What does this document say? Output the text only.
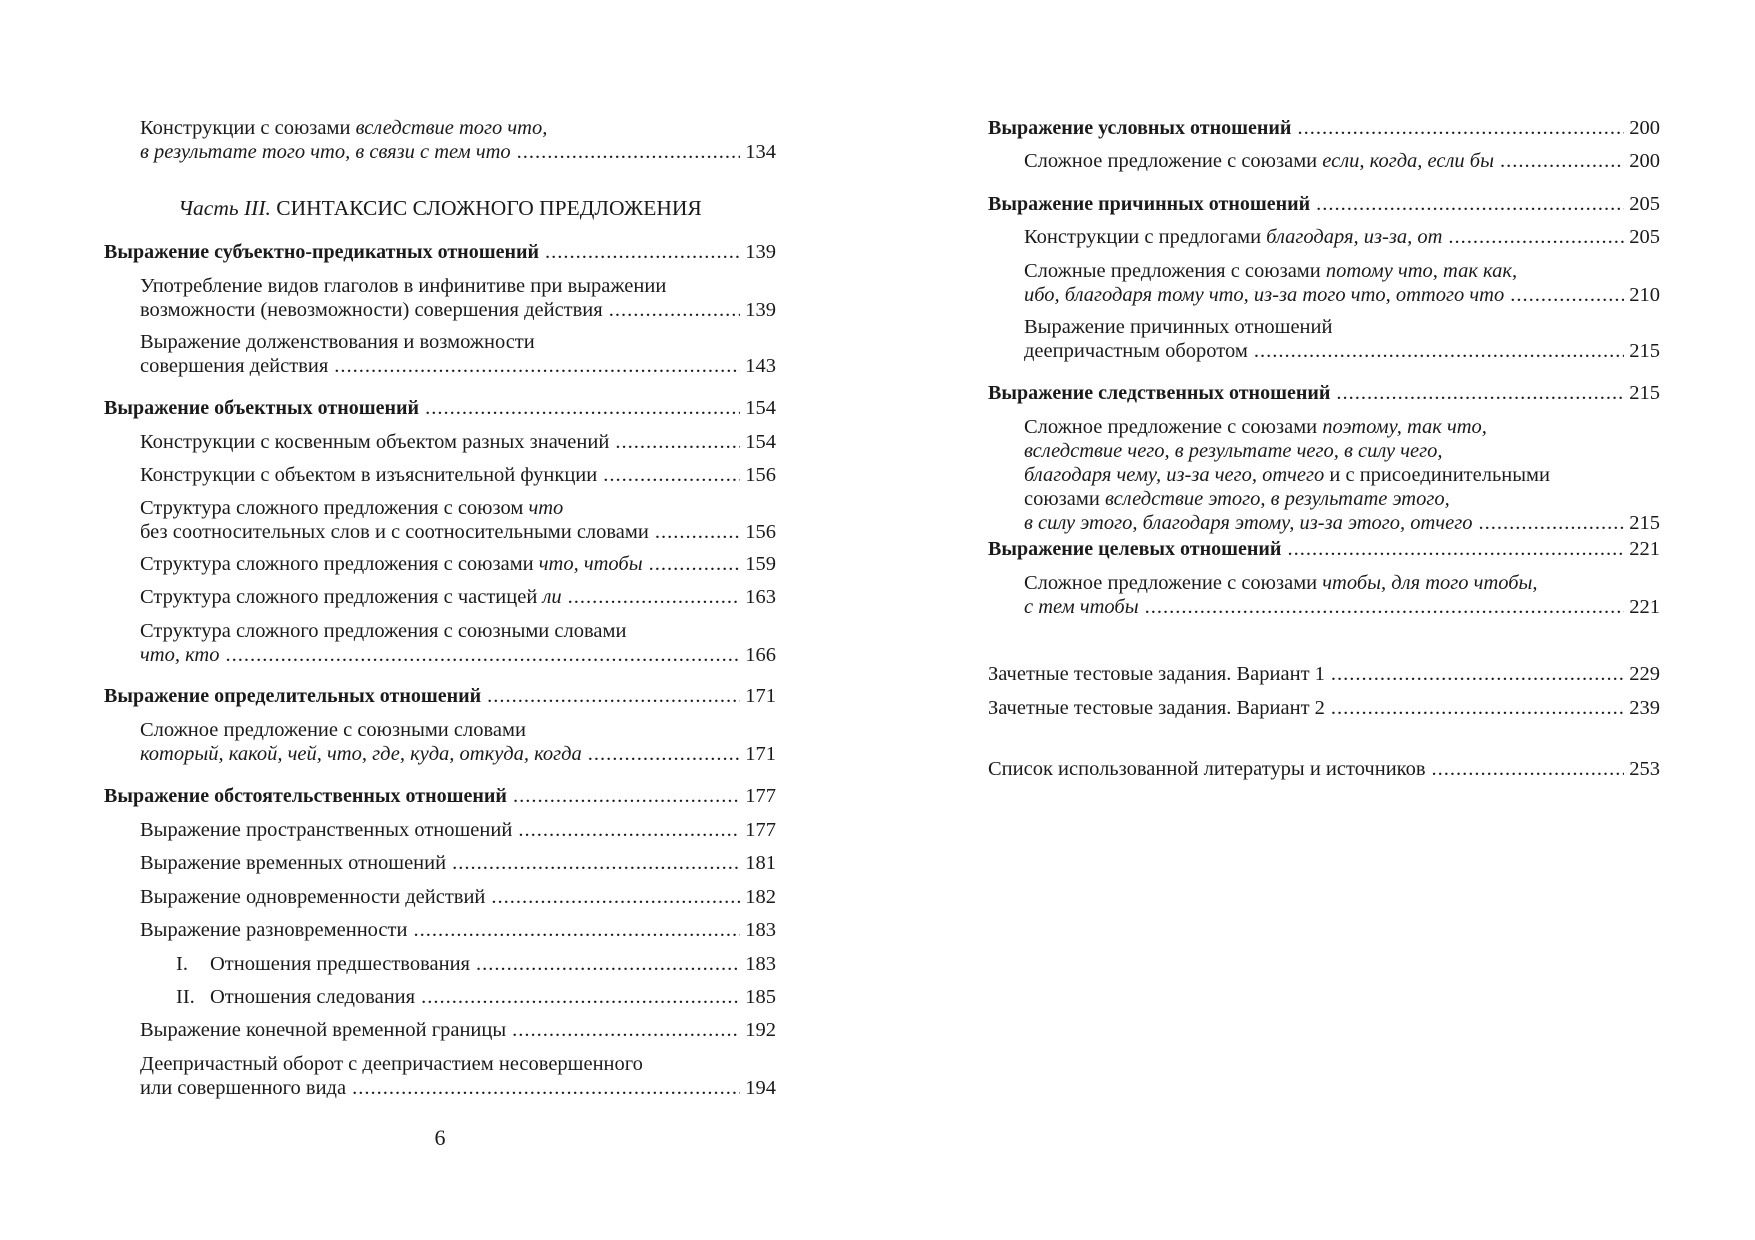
Конструкции с союзами вследствие того что,
в результате того что, в связи с тем что .....	134
Часть III. СИНТАКСИС СЛОЖНОГО ПРЕДЛОЖЕНИЯ
Выражение субъектно-предикатных отношений .....	139
Употребление видов глаголов в инфинитиве при выражении
возможности (невозможности) совершения действия .....	139
Выражение долженствования и возможности
совершения действия .....	143
Выражение объектных отношений .....	154
Конструкции с косвенным объектом разных значений .....	154
Конструкции с объектом в изъяснительной функции .....	156
Структура сложного предложения с союзом что
без соотносительных слов и с соотносительными словами .....	156
Структура сложного предложения с союзами что, чтобы .....	159
Структура сложного предложения с частицей ли .....	163
Структура сложного предложения с союзными словами
что, кто .....	166
Выражение определительных отношений .....	171
Сложное предложение с союзными словами
который, какой, чей, что, где, куда, откуда, когда .....	171
Выражение обстоятельственных отношений .....	177
Выражение пространственных отношений .....	177
Выражение временных отношений .....	181
Выражение одновременности действий .....	182
Выражение разновременности .....	183
I. Отношения предшествования .....	183
II. Отношения следования .....	185
Выражение конечной временной границы .....	192
Деепричастный оборот с деепричастием несовершенного
или совершенного вида .....	194
6
Выражение условных отношений .....	200
Сложное предложение с союзами если, когда, если бы .....	200
Выражение причинных отношений .....	205
Конструкции с предлогами благодаря, из-за, от .....	205
Сложные предложения с союзами потому что, так как,
ибо, благодаря тому что, из-за того что, оттого что .....	210
Выражение причинных отношений
деепричастным оборотом .....	215
Выражение следственных отношений .....	215
Сложное предложение с союзами поэтому, так что,
вследствие чего, в результате чего, в силу чего,
благодаря чему, из-за чего, отчего и с присоединительными
союзами вследствие этого, в результате этого,
в силу этого, благодаря этому, из-за этого, отчего .....	215
Выражение целевых отношений .....	221
Сложное предложение с союзами чтобы, для того чтобы,
с тем чтобы .....	221
Зачетные тестовые задания. Вариант 1 .....	229
Зачетные тестовые задания. Вариант 2 .....	239
Список использованной литературы и источников .....	253
